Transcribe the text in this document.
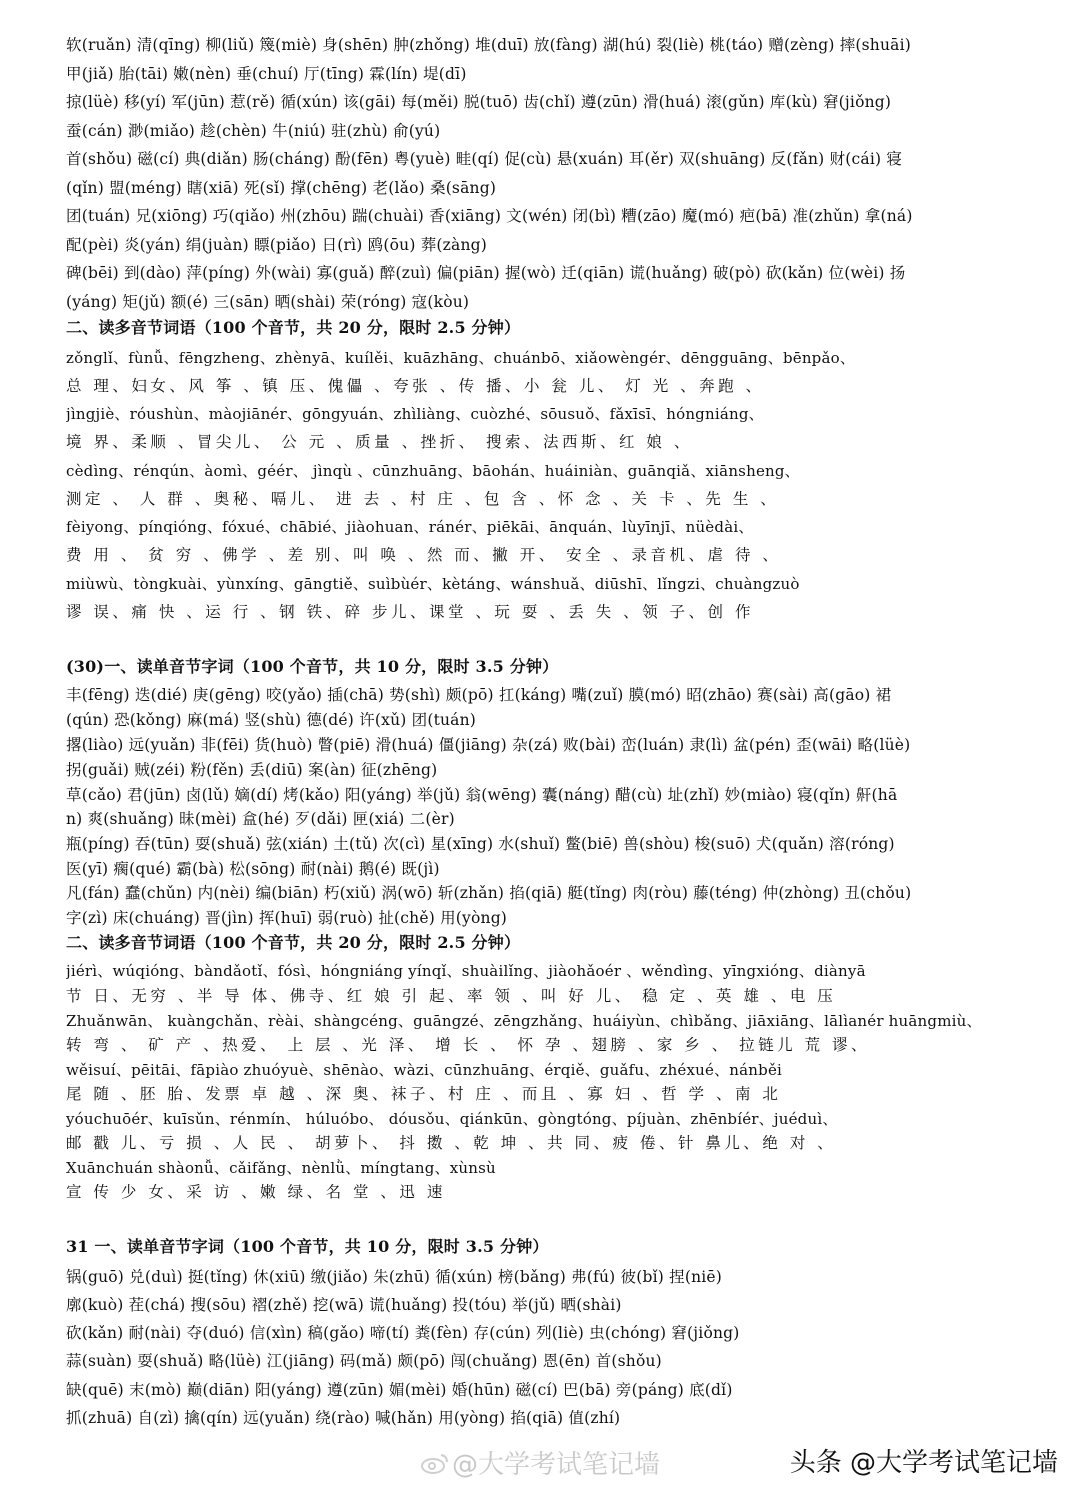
软(ruǎn) 清(qīng) 柳(liǔ) 篾(miè) 身(shēn) 肿(zhǒng) 堆(duī) 放(fàng) 湖(hú) 裂(liè) 桃(táo) 赠(zèng) 摔(shuāi)
甲(jiǎ) 胎(tāi) 嫩(nèn) 垂(chuí) 厅(tīng) 霖(lín) 堤(dī)
掠(lüè) 移(yí) 军(jūn) 惹(rě) 循(xún) 该(gāi) 每(měi) 脱(tuō) 齿(chǐ) 遵(zūn) 滑(huá) 滚(gǔn) 库(kù) 窘(jiǒng)
蚕(cán) 渺(miǎo) 趁(chèn) 牛(niú) 驻(zhù) 俞(yú)
首(shǒu) 磁(cí) 典(diǎn) 肠(cháng) 酚(fēn) 粤(yuè) 畦(qí) 促(cù) 悬(xuán) 耳(ěr) 双(shuāng) 反(fǎn) 财(cái) 寝
(qǐn) 盟(méng) 瞎(xiā) 死(sǐ) 撑(chēng) 老(lǎo) 桑(sāng)
团(tuán) 兄(xiōng) 巧(qiǎo) 州(zhōu) 踹(chuài) 香(xiāng) 文(wén) 闭(bì) 糟(zāo) 魔(mó) 疤(bā) 准(zhǔn) 拿(ná)
配(pèi) 炎(yán) 绢(juàn) 瞟(piǎo) 日(rì) 鸥(ōu) 葬(zàng)
碑(bēi) 到(dào) 萍(píng) 外(wài) 寡(guǎ) 醉(zuì) 偏(piān) 握(wò) 迁(qiān) 谎(huǎng) 破(pò) 砍(kǎn) 位(wèi) 扬
(yáng) 矩(jǔ) 额(é) 三(sān) 晒(shài) 荣(róng) 寇(kòu)
二、读多音节词语（100 个音节，共 20 分，限时 2.5 分钟）
zǒnglǐ、fùnǚ、fēngzheng、zhènyā、kuílěi、kuāzhāng、chuánbō、xiǎowèngér、dēngguāng、bēnpǎo、
总 理、妇女、风 筝 、镇 压、傀儡 、夸张 、传 播、小 瓮 儿、 灯 光 、奔跑 、
jìngjiè、róushùn、màojiānér、gōngyuán、zhìliàng、cuòzhé、sōusuǒ、fǎxīsī、hóngniáng、
境 界、柔顺 、冒尖儿、 公 元 、质量 、挫折、 搜索、法西斯、红 娘 、
cèdìng、rénqún、àomì、géér、 jìnqù 、cūnzhuāng、bāohán、huáiniàn、guānqiǎ、xiānsheng、
测定 、 人 群 、奥秘、嗝儿、 进 去 、村 庄 、包 含 、怀 念 、关 卡 、先 生 、
fèiyong、pínqióng、fóxué、chābié、jiàohuan、ránér、piēkāi、ānquán、lùyīnjī、nüèdài、
费 用 、 贫 穷 、佛学 、差 别、叫 唤 、然 而、撇 开、 安全 、录音机、虐 待 、
miùwù、tòngkuài、yùnxíng、gāngtiě、suìbùér、kètáng、wánshuǎ、diūshī、lǐngzi、chuàngzuò
谬 误、痛 快 、运 行 、钢 铁、碎 步儿、课堂 、玩 耍 、丢 失 、领 子、创 作
(30)一、读单音节字词（100 个音节，共 10 分，限时 3.5 分钟）
丰(fēng) 迭(dié) 庚(gēng) 咬(yǎo) 插(chā) 势(shì) 颇(pō) 扛(káng) 嘴(zuǐ) 膜(mó) 昭(zhāo) 赛(sài) 高(gāo) 裙
(qún) 恐(kǒng) 麻(má) 竖(shù) 德(dé) 许(xǔ) 团(tuán)
撂(liào) 远(yuǎn) 非(fēi) 货(huò) 瞥(piē) 滑(huá) 僵(jiāng) 杂(zá) 败(bài) 峦(luán) 隶(lì) 盆(pén) 歪(wāi) 略(lüè)
拐(guǎi) 贼(zéi) 粉(fěn) 丢(diū) 案(àn) 征(zhēng)
草(cǎo) 君(jūn) 卤(lǔ) 嫡(dí) 烤(kǎo) 阳(yáng) 举(jǔ) 翁(wēng) 囊(náng) 醋(cù) 址(zhǐ) 妙(miào) 寝(qǐn) 鼾(hā
n) 爽(shuǎng) 昧(mèi) 盒(hé) 歹(dǎi) 匣(xiá) 二(èr)
瓶(píng) 吞(tūn) 耍(shuǎ) 弦(xián) 土(tǔ) 次(cì) 星(xīng) 水(shuǐ) 鳖(biē) 兽(shòu) 梭(suō) 犬(quǎn) 溶(róng)
医(yī) 瘸(qué) 霸(bà) 松(sōng) 耐(nài) 鹅(é) 既(jì)
凡(fán) 蠢(chǔn) 内(nèi) 编(biān) 朽(xiǔ) 涡(wō) 斩(zhǎn) 掐(qiā) 艇(tǐng) 肉(ròu) 藤(téng) 仲(zhòng) 丑(chǒu)
字(zì) 床(chuáng) 晋(jìn) 挥(huī) 弱(ruò) 扯(chě) 用(yòng)
二、读多音节词语（100 个音节，共 20 分，限时 2.5 分钟）
jiérì、wúqióng、bàndǎotǐ、fósì、hóngniáng yínqǐ、shuàilǐng、jiàohǎoér 、wěndìng、yīngxióng、diànyā
节 日、无穷 、半 导 体、佛寺、红 娘 引 起、率 领 、叫 好 儿、 稳 定 、英 雄 、电 压
Zhuǎnwān、 kuàngchǎn、rèài、shàngcéng、guāngzé、zēngzhǎng、huáiyùn、chìbǎng、jiāxiāng、lālìanér huāngmiù、
转 弯 、 矿 产 、热爱、 上 层 、光 泽、 增 长 、 怀 孕 、翅膀 、家 乡 、 拉链儿 荒 谬、
wěisuí、pēitāi、fāpiào zhuóyuè、shēnào、wàzi、cūnzhuāng、érqiě、guǎfu、zhéxué、nánběi
尾 随 、胚 胎、发票 卓 越 、深 奥、袜子、村 庄 、而且 、寡 妇 、哲 学 、南 北
yóuchuōér、kuīsǔn、rénmín、 húluóbo、 dóusǒu、qiánkūn、gòngtóng、píjuàn、zhēnbíér、juéduì、
邮 戳 儿、亏 损 、人 民 、 胡萝卜、 抖 擞 、乾 坤 、共 同、疲 倦、针 鼻儿、绝 对 、
Xuānchuán shàonǚ、cǎifǎng、nènlǜ、míngtang、xùnsù
宣 传 少 女、采 访 、嫩 绿、名 堂 、迅 速
31 一、读单音节字词（100 个音节，共 10 分，限时 3.5 分钟）
锅(guō) 兑(duì) 挺(tǐng) 休(xiū) 缴(jiǎo) 朱(zhū) 循(xún) 榜(bǎng) 弗(fú) 彼(bǐ) 捏(niē)
廓(kuò) 茬(chá) 搜(sōu) 褶(zhě) 挖(wā) 谎(huǎng) 投(tóu) 举(jǔ) 晒(shài)
砍(kǎn) 耐(nài) 夺(duó) 信(xìn) 稿(gǎo) 啼(tí) 粪(fèn) 存(cún) 列(liè) 虫(chóng) 窘(jiǒng)
蒜(suàn) 耍(shuǎ) 略(lüè) 江(jiāng) 码(mǎ) 颇(pō) 闯(chuǎng) 恩(ēn) 首(shǒu)
缺(quē) 末(mò) 巅(diān) 阳(yáng) 遵(zūn) 媚(mèi) 婚(hūn) 磁(cí) 巴(bā) 旁(páng) 底(dǐ)
抓(zhuā) 自(zì) 擒(qín) 远(yuǎn) 绕(rào) 喊(hǎn) 用(yòng) 掐(qiā) 值(zhí)
@大学考试笔记墙	头条 @大学考试笔记墙
